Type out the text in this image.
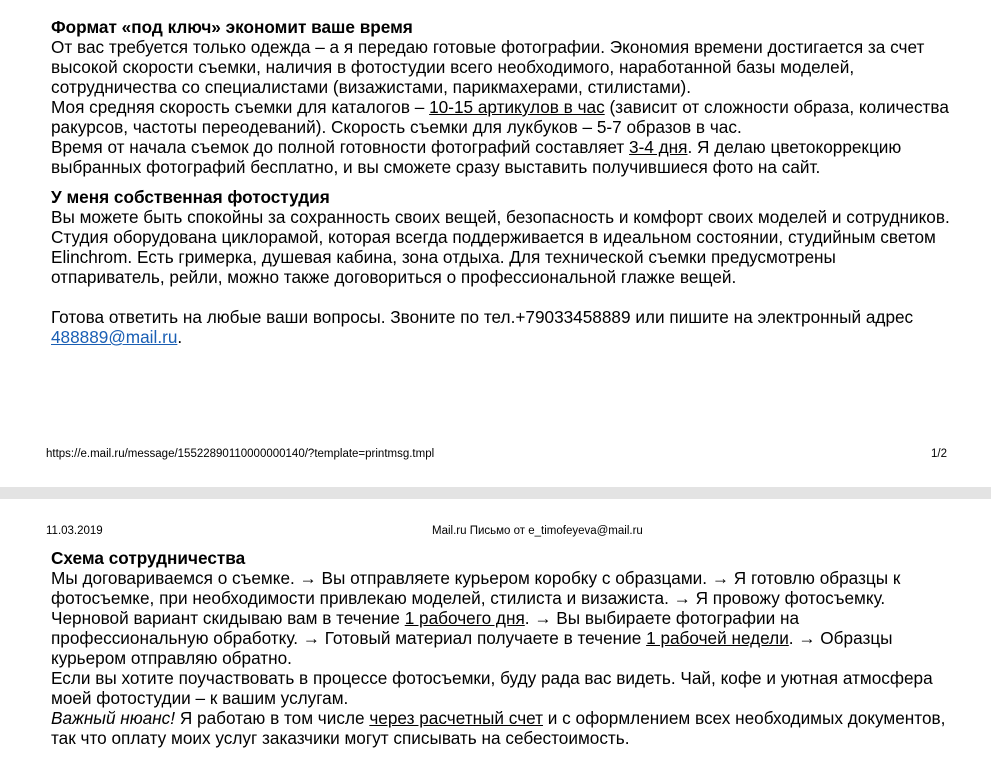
Формат «под ключ» экономит ваше время

От вас требуется только одежда – а я передаю готовые фотографии. Экономия времени достигается за счет высокой скорости съемки, наличия в фотостудии всего необходимого, наработанной базы моделей, сотрудничества со специалистами (визажистами, парикмахерами, стилистами).

Моя средняя скорость съемки для каталогов – 10-15 артикулов в час (зависит от сложности образа, количества ракурсов, частоты переодеваний). Скорость съемки для лукбуков – 5-7 образов в час.

Время от начала съемок до полной готовности фотографий составляет 3-4 дня. Я делаю цветокоррекцию выбранных фотографий бесплатно, и вы сможете сразу выставить получившиеся фото на сайт.

У меня собственная фотостудия

Вы можете быть спокойны за сохранность своих вещей, безопасность и комфорт своих моделей и сотрудников. Студия оборудована циклорамой, которая всегда поддерживается в идеальном состоянии, студийным светом Elinchrom. Есть гримерка, душевая кабина, зона отдыха. Для технической съемки предусмотрены отпариватель, рейли, можно также договориться о профессиональной глажке вещей.

Готова ответить на любые ваши вопросы. Звоните по тел.+79033458889 или пишите на электронный адрес 488889@mail.ru.

https://e.mail.ru/message/15522890110000000140/?template=printmsg.tmpl	1/2
11.03.2019	Mail.ru Письмо от e_timofeyeva@mail.ru

Схема сотрудничества

Мы договариваемся о съемке. → Вы отправляете курьером коробку с образцами. → Я готовлю образцы к фотосъемке, при необходимости привлекаю моделей, стилиста и визажиста. → Я провожу фотосъемку. Черновой вариант скидываю вам в течение 1 рабочего дня. → Вы выбираете фотографии на профессиональную обработку. → Готовый материал получаете в течение 1 рабочей недели. → Образцы курьером отправляю обратно.

Если вы хотите поучаствовать в процессе фотосъемки, буду рада вас видеть. Чай, кофе и уютная атмосфера моей фотостудии – к вашим услугам.

Важный нюанс! Я работаю в том числе через расчетный счет и с оформлением всех необходимых документов, так что оплату моих услуг заказчики могут списывать на себестоимость.
